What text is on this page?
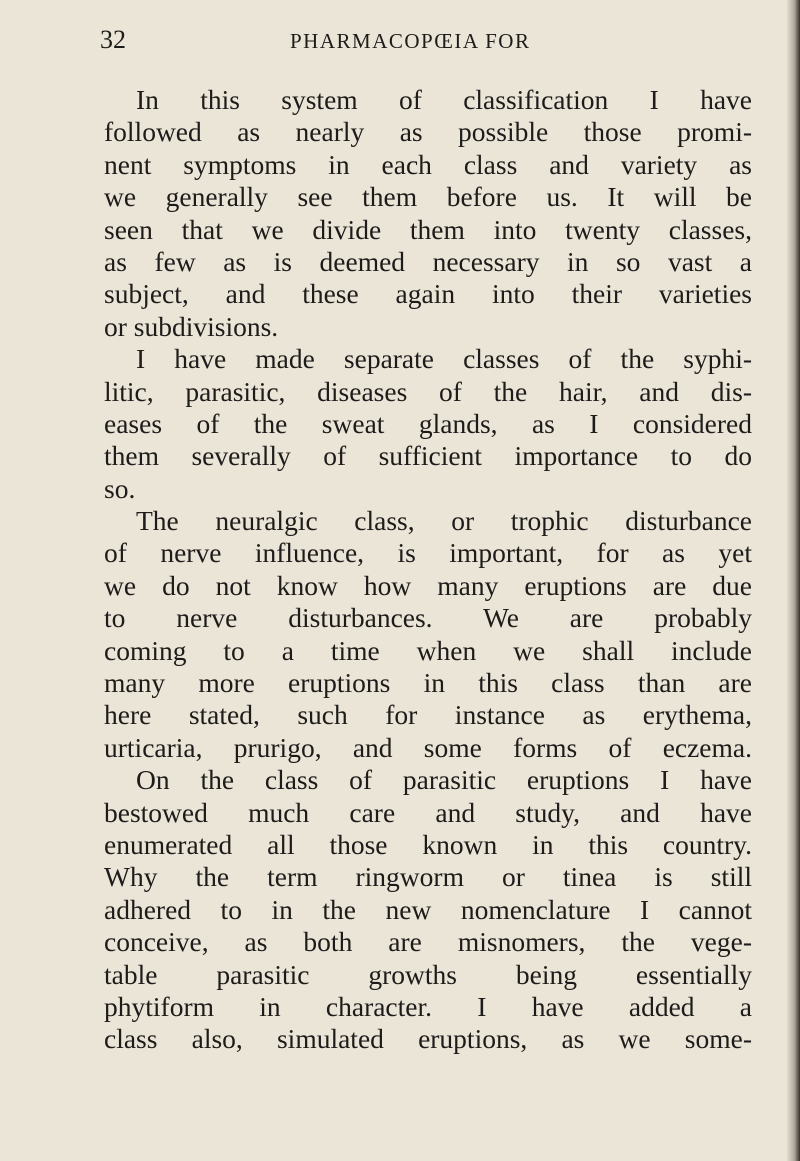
32	PHARMACOPŒIA FOR
In this system of classification I have
followed as nearly as possible those promi-
nent symptoms in each class and variety as
we generally see them before us. It will be
seen that we divide them into twenty classes,
as few as is deemed necessary in so vast a
subject, and these again into their varieties
or subdivisions.
I have made separate classes of the syphi-
litic, parasitic, diseases of the hair, and dis-
eases of the sweat glands, as I considered
them severally of sufficient importance to do
so.
The neuralgic class, or trophic disturbance
of nerve influence, is important, for as yet
we do not know how many eruptions are due
to nerve disturbances. We are probably
coming to a time when we shall include
many more eruptions in this class than are
here stated, such for instance as erythema,
urticaria, prurigo, and some forms of eczema.
On the class of parasitic eruptions I have
bestowed much care and study, and have
enumerated all those known in this country.
Why the term ringworm or tinea is still
adhered to in the new nomenclature I cannot
conceive, as both are misnomers, the vege-
table parasitic growths being essentially
phytiform in character. I have added a
class also, simulated eruptions, as we some-
